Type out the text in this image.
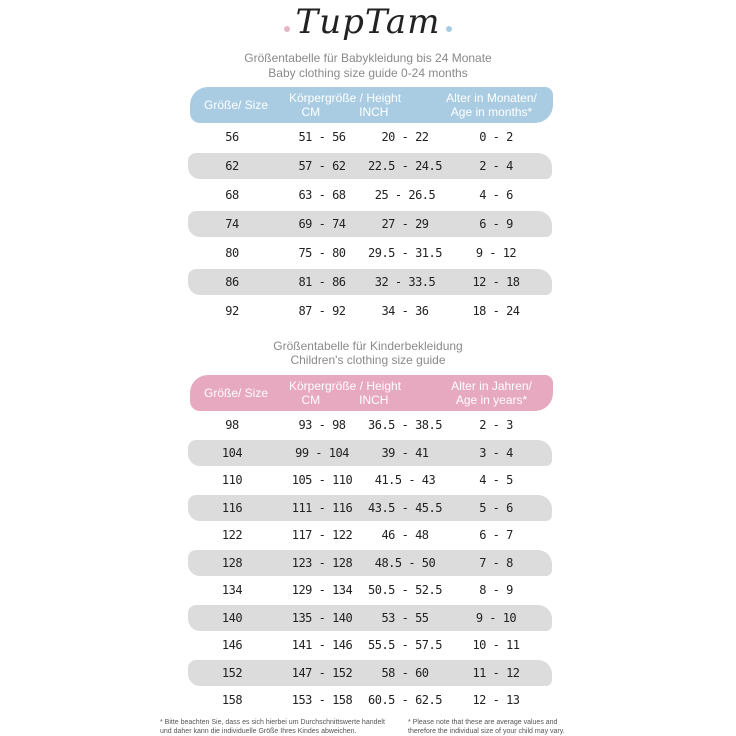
TupTam
Größentabelle für Babykleidung bis 24 Monate
Baby clothing size guide 0-24 months
Größe/ Size Körpergröße / Height
CM	INCH
Alter in Monaten/
Age in months*
56	51 - 56	20 - 22	0 - 2
62	57 - 62	22.5 - 24.5	2 - 4
68	63 - 68	25 - 26.5	4 - 6
74	69 - 74	27 - 29	6 - 9
80	75 - 80	29.5 - 31.5	9 - 12
86	81 - 86	32 - 33.5	12 - 18
92	87 - 92	34 - 36	18 - 24
Größentabelle für Kinderbekleidung
Children's clothing size guide
Größe/ Size Körpergröße / Height
CM	INCH
Alter in Jahren/
Age in years*
98	93 - 98	36.5 - 38.5	2 - 3
104	99 - 104	39 - 41	3 - 4
110	105 - 110	41.5 - 43	4 - 5
116	111 - 116	43.5 - 45.5	5 - 6
122	117 - 122	46 - 48	6 - 7
128	123 - 128	48.5 - 50	7 - 8
134	129 - 134	50.5 - 52.5	8 - 9
140	135 - 140	53 - 55	9 - 10
146	141 - 146	55.5 - 57.5	10 - 11
152	147 - 152	58 - 60	11 - 12
158	153 - 158	60.5 - 62.5	12 - 13
* Bitte beachten Sie, dass es sich hierbei um Durchschnittswerte handelt
und daher kann die individuelle Größe Ihres Kindes abweichen.
* Please note that these are average values and
therefore the individual size of your child may vary.
